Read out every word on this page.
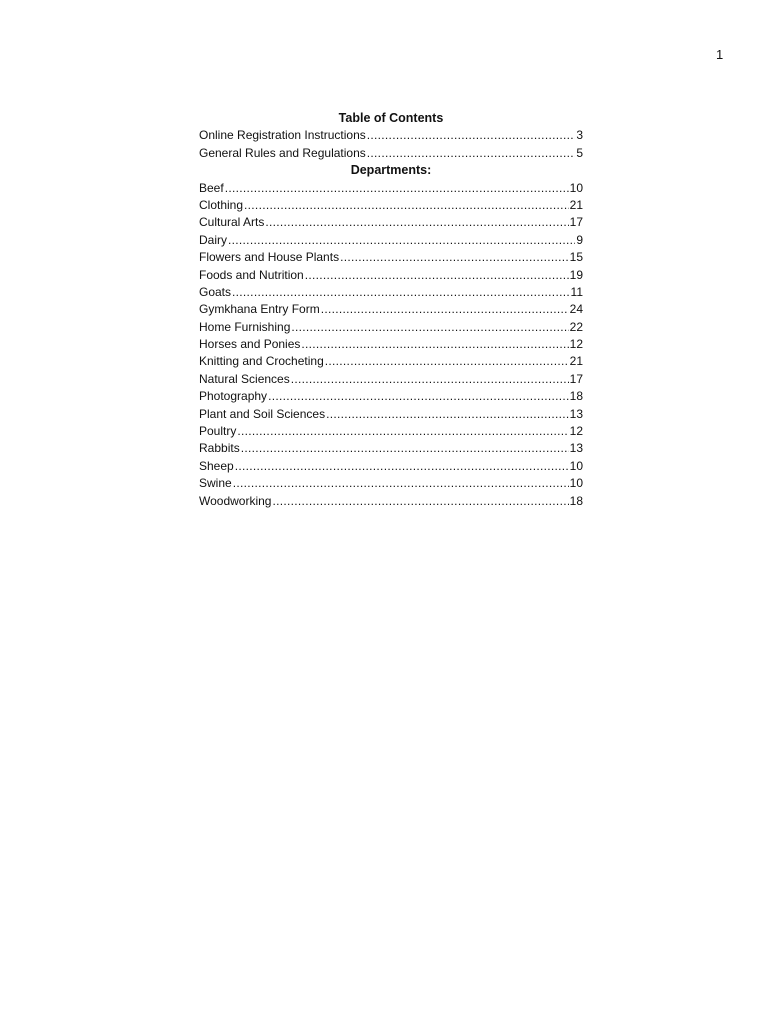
1
Table of Contents
Online Registration Instructions .....	3
General Rules and Regulations .....	5
Departments:
Beef .....	10
Clothing .....	21
Cultural Arts .....	17
Dairy .....	9
Flowers and House Plants .....	15
Foods and Nutrition .....	19
Goats .....	11
Gymkhana Entry Form .....	24
Home Furnishing .....	22
Horses and Ponies .....	12
Knitting and Crocheting .....	21
Natural Sciences .....	17
Photography .....	18
Plant and Soil Sciences .....	13
Poultry .....	12
Rabbits .....	13
Sheep .....	10
Swine .....	10
Woodworking .....	18
